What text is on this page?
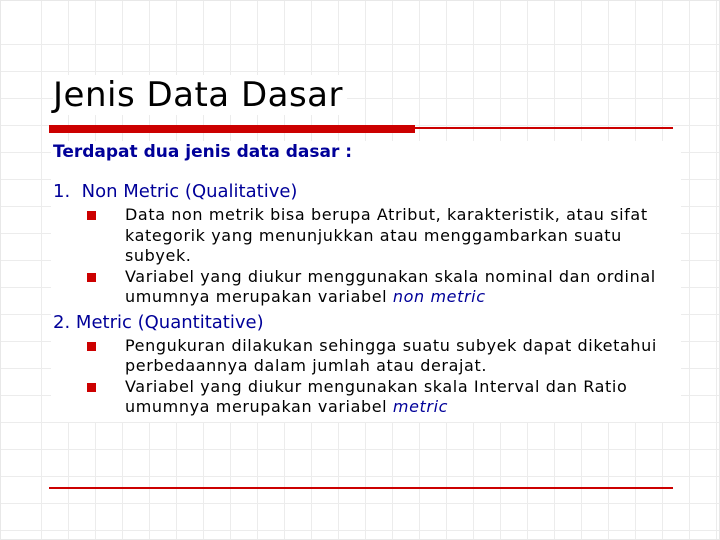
Jenis Data Dasar
Terdapat dua jenis data dasar :
1. Non Metric (Qualitative)
Data non metrik bisa berupa Atribut, karakteristik, atau sifat kategorik yang menunjukkan atau menggambarkan suatu subyek.
Variabel yang diukur menggunakan skala nominal dan ordinal umumnya merupakan variabel non metric
2. Metric (Quantitative)
Pengukuran dilakukan sehingga suatu subyek dapat diketahui perbedaannya dalam jumlah atau derajat.
Variabel yang diukur mengunakan skala Interval dan Ratio umumnya merupakan variabel metric
